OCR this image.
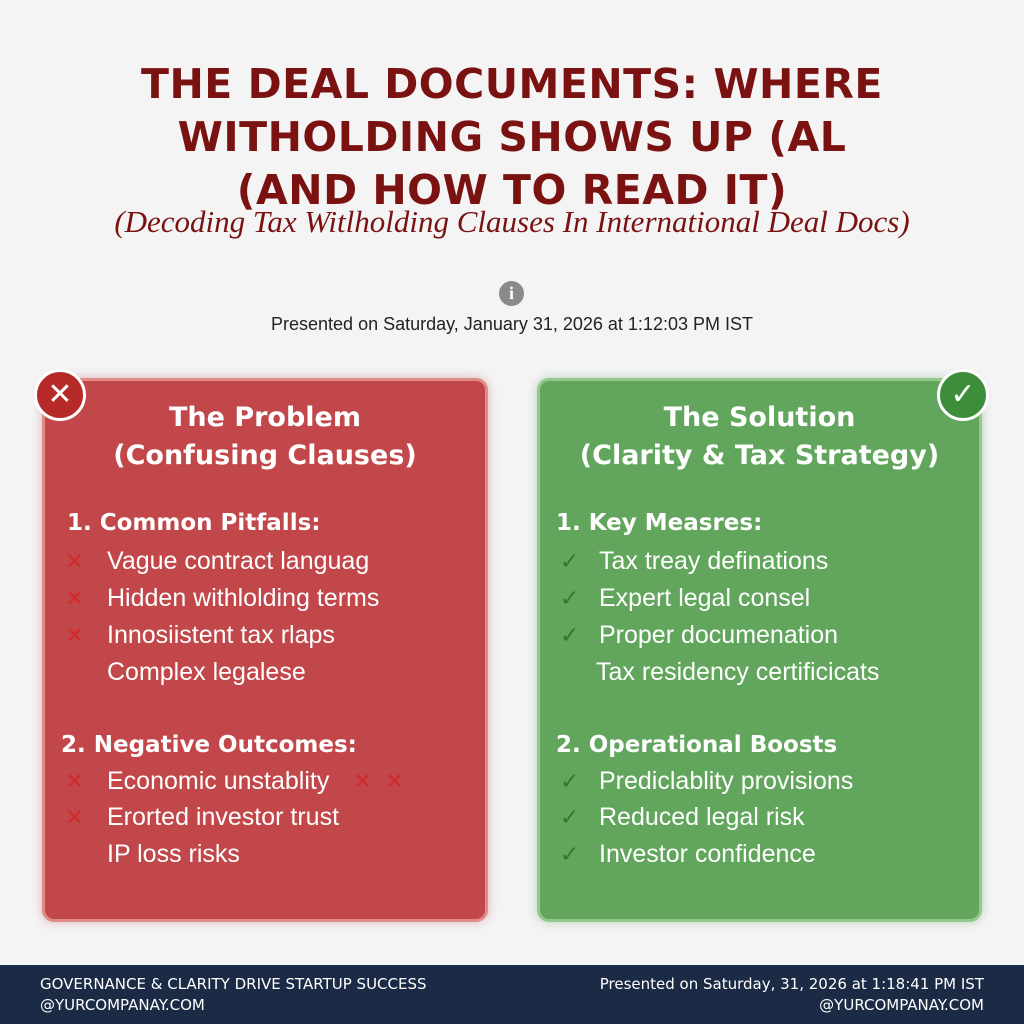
THE DEAL DOCUMENTS: WHERE
WITHOLDING SHOWS UP (AL
(AND HOW TO READ IT)
(Decoding Tax Witlholding Clauses In International Deal Docs)
i
Presented on Saturday, January 31, 2026 at 1:12:03 PM IST
The Problem
(Confusing Clauses)
1. Common Pitfalls:
✕ Vague contract languag
✕ Hidden withlolding terms
✕ Innosiistent tax rlaps
Complex legalese
2. Negative Outcomes:
✕ Economic unstablity ✕ ✕
✕ Erorted investor trust
IP loss risks
✕
The Solution
(Clarity & Tax Strategy)
1. Key Measres:
✓ Tax treay definations
✓ Expert legal consel
✓ Proper documenation
Tax residency certificicats
2. Operational Boosts
✓ Prediclablity provisions
✓ Reduced legal risk
✓ Investor confidence
✓
GOVERNANCE & CLARITY DRIVE STARTUP SUCCESS
@YURCOMPANAY.COM
Presented on Saturday, 31, 2026 at 1:18:41 PM IST
@YURCOMPANAY.COM
